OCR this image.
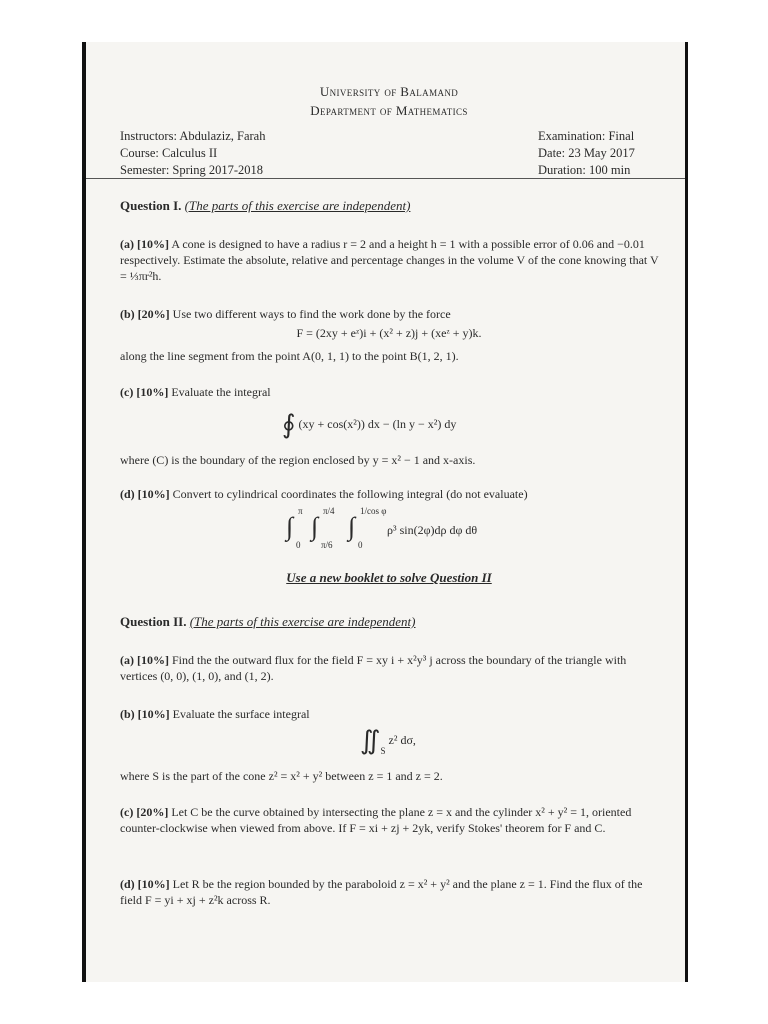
University of Balamand
Department of Mathematics
Instructors: Abdulaziz, Farah
Course: Calculus II
Semester: Spring 2017-2018
Examination: Final
Date: 23 May 2017
Duration: 100 min
Question I. (The parts of this exercise are independent)
(a) [10%] A cone is designed to have a radius r = 2 and a height h = 1 with a possible error of 0.06 and −0.01 respectively. Estimate the absolute, relative and percentage changes in the volume V of the cone knowing that V = ⅓πr²h.
(b) [20%] Use two different ways to find the work done by the force
F = (2xy + eᶻ)i + (x² + z)j + (xeᶻ + y)k.
along the line segment from the point A(0, 1, 1) to the point B(1, 2, 1).
(c) [10%] Evaluate the integral
∮ (xy + cos(x²)) dx − (ln y − x²) dy
where (C) is the boundary of the region enclosed by y = x² − 1 and x-axis.
(d) [10%] Convert to cylindrical coordinates the following integral (do not evaluate)
∫
π
0

∫
π/4
π/6

∫
1/cos φ
0
ρ³ sin(2φ)dρ dφ dθ
Use a new booklet to solve Question II
Question II. (The parts of this exercise are independent)
(a) [10%] Find the the outward flux for the field F = xy i + x²y³ j across the boundary of the triangle with vertices (0, 0), (1, 0), and (1, 2).
(b) [10%] Evaluate the surface integral
$∬_S$ z² dσ,
where S is the part of the cone z² = x² + y² between z = 1 and z = 2.
(c) [20%] Let C be the curve obtained by intersecting the plane z = x and the cylinder x² + y² = 1, oriented counter-clockwise when viewed from above. If F = xi + zj + 2yk, verify Stokes' theorem for F and C.
(d) [10%] Let R be the region bounded by the paraboloid z = x² + y² and the plane z = 1. Find the flux of the field F = yi + xj + z²k across R.
